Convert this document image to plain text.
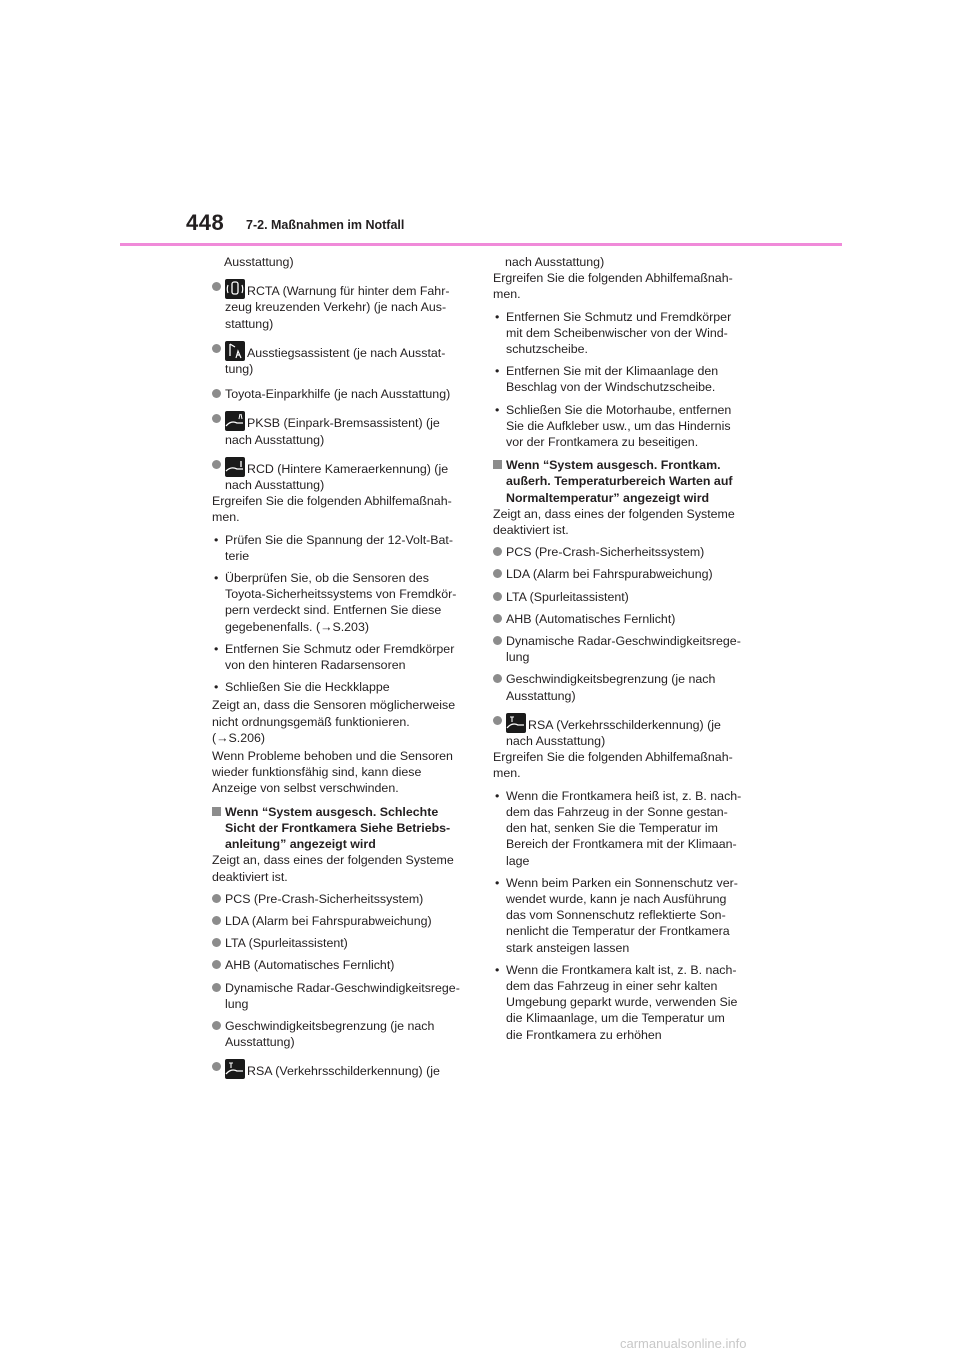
448 7-2. Maßnahmen im Notfall

Ausstattung)

RCTA (Warnung für hinter dem Fahr-zeug kreuzenden Verkehr) (je nach Aus-stattung)
Ausstiegsassistent (je nach Ausstat-tung)
Toyota-Einparkhilfe (je nach Ausstattung)
PKSB (Einpark-Bremsassistent) (je nach Ausstattung)
RCD (Hintere Kameraerkennung) (je nach Ausstattung)

Ergreifen Sie die folgenden Abhilfemaßnah-men.

• Prüfen Sie die Spannung der 12-Volt-Bat-terie
• Überprüfen Sie, ob die Sensoren des Toyota-Sicherheitssystems von Fremdkör-pern verdeckt sind. Entfernen Sie diese gegebenenfalls. (→S.203)
• Entfernen Sie Schmutz oder Fremdkörper von den hinteren Radarsensoren
• Schließen Sie die Heckklappe

Zeigt an, dass die Sensoren möglicherweise nicht ordnungsgemäß funktionieren. (→S.206)

Wenn Probleme behoben und die Sensoren wieder funktionsfähig sind, kann diese Anzeige von selbst verschwinden.

Wenn “System ausgesch. Schlechte Sicht der Frontkamera Siehe Betriebs-anleitung” angezeigt wird

Zeigt an, dass eines der folgenden Systeme deaktiviert ist.

PCS (Pre-Crash-Sicherheitssystem)
LDA (Alarm bei Fahrspurabweichung)
LTA (Spurleitassistent)
AHB (Automatisches Fernlicht)
Dynamische Radar-Geschwindigkeitsrege-lung
Geschwindigkeitsbegrenzung (je nach Ausstattung)
RSA (Verkehrsschilderkennung) (je

nach Ausstattung)

Ergreifen Sie die folgenden Abhilfemaßnah-men.

• Entfernen Sie Schmutz und Fremdkörper mit dem Scheibenwischer von der Wind-schutzscheibe.
• Entfernen Sie mit der Klimaanlage den Beschlag von der Windschutzscheibe.
• Schließen Sie die Motorhaube, entfernen Sie die Aufkleber usw., um das Hindernis vor der Frontkamera zu beseitigen.
Wenn “System ausgesch. Frontkam. außerh. Temperaturbereich Warten auf Normaltemperatur” angezeigt wird

Zeigt an, dass eines der folgenden Systeme deaktiviert ist.

PCS (Pre-Crash-Sicherheitssystem)
LDA (Alarm bei Fahrspurabweichung)
LTA (Spurleitassistent)
AHB (Automatisches Fernlicht)
Dynamische Radar-Geschwindigkeitsrege-lung
Geschwindigkeitsbegrenzung (je nach Ausstattung)
RSA (Verkehrsschilderkennung) (je nach Ausstattung)

Ergreifen Sie die folgenden Abhilfemaßnah-men.

• Wenn die Frontkamera heiß ist, z. B. nach-dem das Fahrzeug in der Sonne gestan-den hat, senken Sie die Temperatur im Bereich der Frontkamera mit der Klimaan-lage
• Wenn beim Parken ein Sonnenschutz ver-wendet wurde, kann je nach Ausführung das vom Sonnenschutz reflektierte Son-nenlicht die Temperatur der Frontkamera stark ansteigen lassen
• Wenn die Frontkamera kalt ist, z. B. nach-dem das Fahrzeug in einer sehr kalten Umgebung geparkt wurde, verwenden Sie die Klimaanlage, um die Temperatur um die Frontkamera zu erhöhen
carmanualsonline.info
